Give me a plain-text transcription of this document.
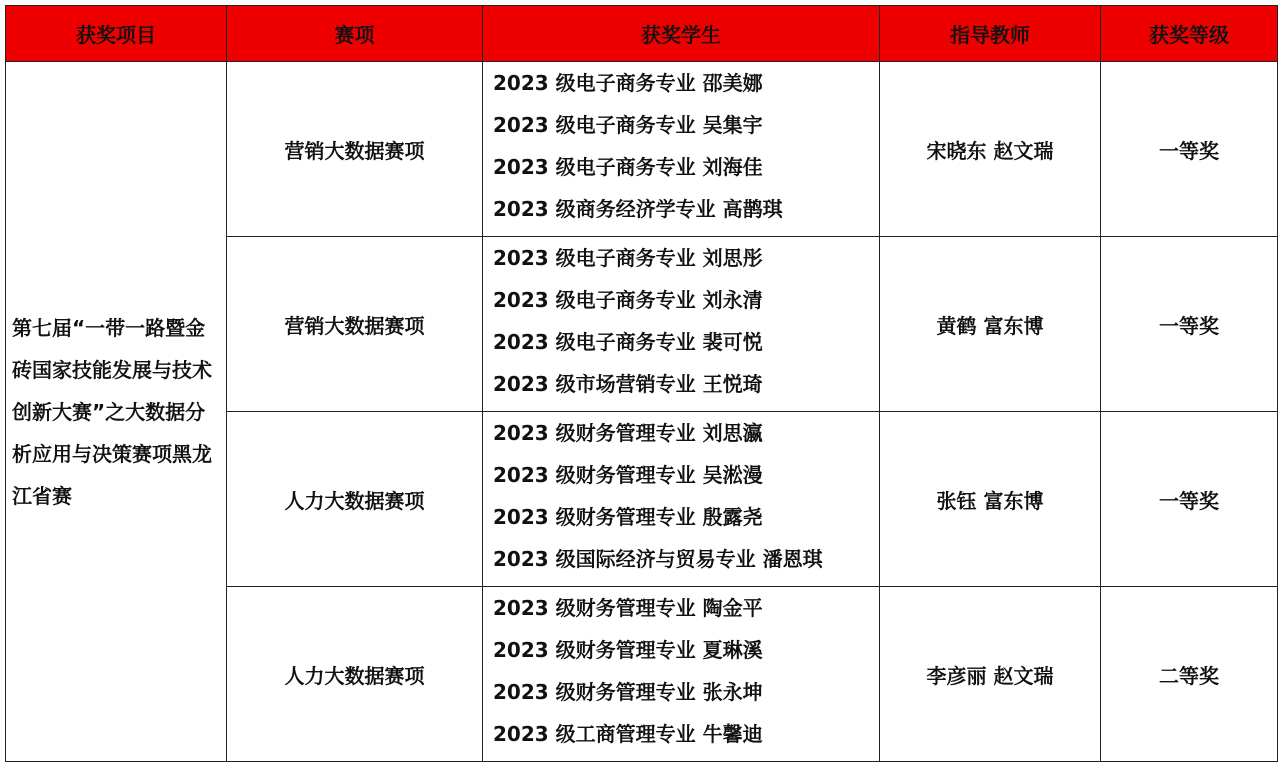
获奖项目	赛项	获奖学生	指导教师	获奖等级
第七届“一带一路暨金砖国家技能发展与技术创新大赛”之大数据分析应用与决策赛项黑龙江省赛	营销大数据赛项	2023 级电子商务专业 邵美娜
2023 级电子商务专业 吴集宇
2023 级电子商务专业 刘海佳
2023 级商务经济学专业 高鹊琪	宋晓东 赵文瑞	一等奖
	营销大数据赛项	2023 级电子商务专业 刘思彤
2023 级电子商务专业 刘永清
2023 级电子商务专业 裴可悦
2023 级市场营销专业 王悦琦	黄鹤 富东博	一等奖
	人力大数据赛项	2023 级财务管理专业 刘思瀛
2023 级财务管理专业 吴淞漫
2023 级财务管理专业 殷露尧
2023 级国际经济与贸易专业 潘恩琪	张钰 富东博	一等奖
	人力大数据赛项	2023 级财务管理专业 陶金平
2023 级财务管理专业 夏琳溪
2023 级财务管理专业 张永坤
2023 级工商管理专业 牛馨迪	李彦丽 赵文瑞	二等奖
